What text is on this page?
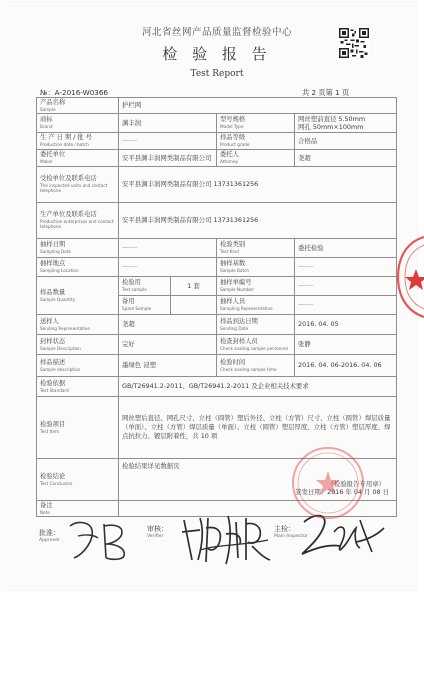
河北省丝网产品质量监督检验中心
检 验 报 告
Test Report
№：A-2016-W0366	共 2 页第 1 页
产品名称
Sample	护栏网			

商标
Brand	渊丰润		型号规格
Model Type	网丝塑前直径 5.50mm
网孔 50mm×100mm

生 产 日 期 / 批 号
Production date / batch	-------		样品等级
Product grade	合格品

委托单位
Maker	安平县渊丰润网类制品有限公司		委托人
Attorney	尧超

受检单位及联系电话
The inspected units and contact telephone	安平县渊丰润网类制品有限公司 13731361256			

生产单位及联系电话
Production enterprises and contact telephone	安平县渊丰润网类制品有限公司 13731361256			

抽样日期
Sampling Date	-------		检验类别
Test Kind	委托检验

抽样地点
Sampling Location	-------		抽样基数
Sample Batch	-------

样品数量
Sample Quantity	检验用
Test sample	1 套	抽样单编号
Sample Number	-------

	备用
Spare Sample		抽样人员
Sampling Representative	-------

送样人
Sending Representative	尧超		样品到达日期
Sending Date	2016. 04. 05

封样状态
Sample Description	完好		检查封样人员
Check sealing sample personnel	张静

样品描述
Sample description	墨绿色 浸塑		检验时间
Check sealing sample time	2016. 04. 06-2016. 04. 06

检验依据
Test Standard	GB/T26941.2-2011、GB/T26941.2-2011 及企业相关技术要求			

检验项目
Test Item	网丝塑后直径、网孔尺寸、立柱（圆管）塑后外径、立柱（方管）尺寸、立柱（圆管）焊层质量（单面）、立柱（方管）焊层质量（单面）、立柱（圆管）塑层厚度、立柱（方管）塑层厚度、焊点抗拉力、镀层附着性，共 10 项			

检验结论
Test Conclusion	检验结果详见数据页
（检验报告专用章）
签发日期：2016 年 04 月 08 日			

备注
Note				

批准：
Approver
审核：
Verifier
主检：
Main Inspector
